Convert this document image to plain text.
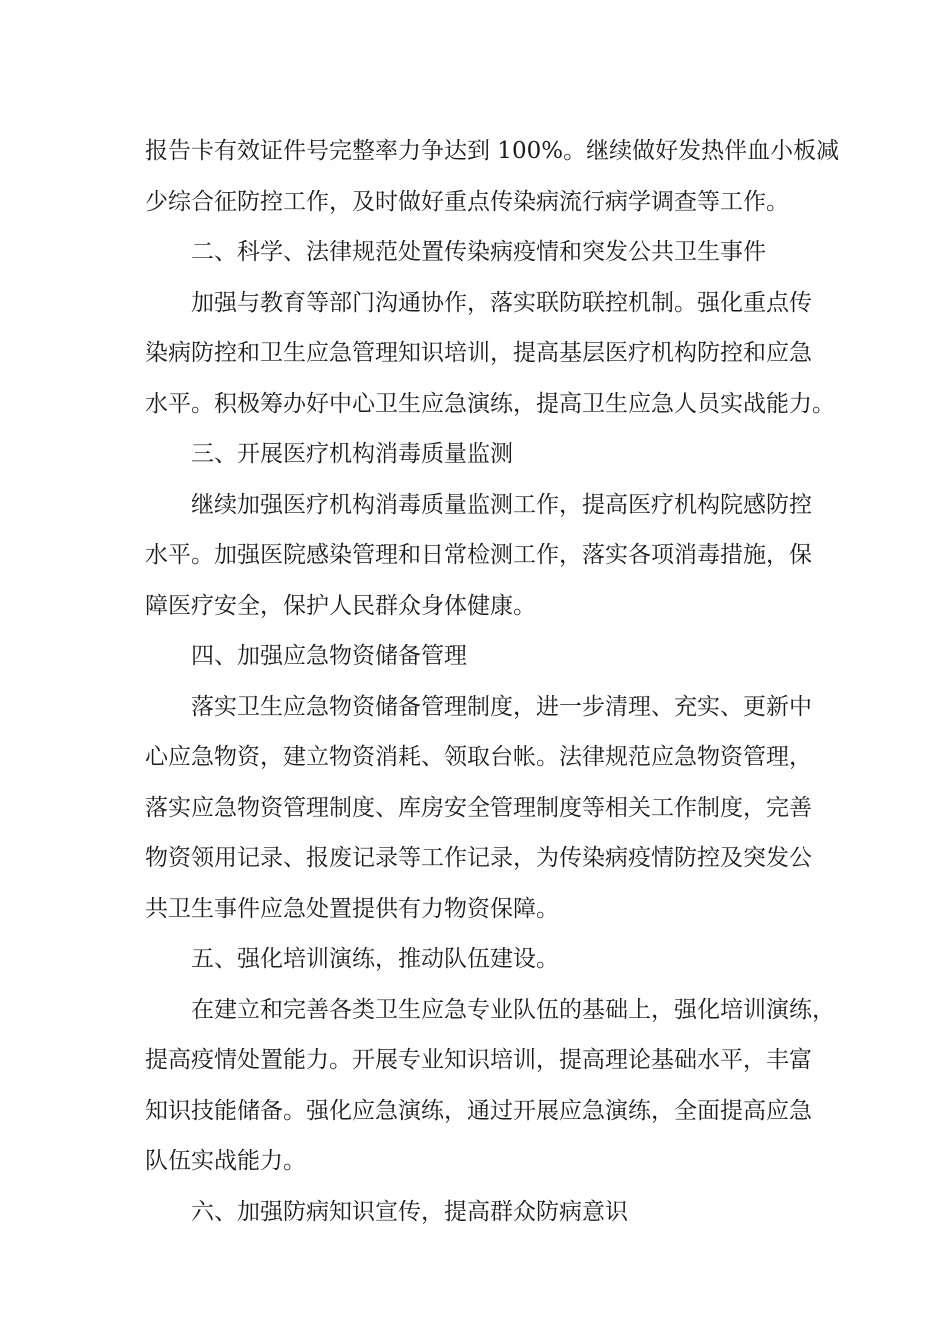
报告卡有效证件号完整率力争达到 100%。继续做好发热伴血小板减
少综合征防控工作，及时做好重点传染病流行病学调查等工作。
二、科学、法律规范处置传染病疫情和突发公共卫生事件
加强与教育等部门沟通协作，落实联防联控机制。强化重点传
染病防控和卫生应急管理知识培训，提高基层医疗机构防控和应急
水平。积极筹办好中心卫生应急演练，提高卫生应急人员实战能力。
三、开展医疗机构消毒质量监测
继续加强医疗机构消毒质量监测工作，提高医疗机构院感防控
水平。加强医院感染管理和日常检测工作，落实各项消毒措施，保
障医疗安全，保护人民群众身体健康。
四、加强应急物资储备管理
落实卫生应急物资储备管理制度，进一步清理、充实、更新中
心应急物资，建立物资消耗、领取台帐。法律规范应急物资管理，
落实应急物资管理制度、库房安全管理制度等相关工作制度，完善
物资领用记录、报废记录等工作记录，为传染病疫情防控及突发公
共卫生事件应急处置提供有力物资保障。
五、强化培训演练，推动队伍建设。
在建立和完善各类卫生应急专业队伍的基础上，强化培训演练，
提高疫情处置能力。开展专业知识培训，提高理论基础水平，丰富
知识技能储备。强化应急演练，通过开展应急演练，全面提高应急
队伍实战能力。
六、加强防病知识宣传，提高群众防病意识
